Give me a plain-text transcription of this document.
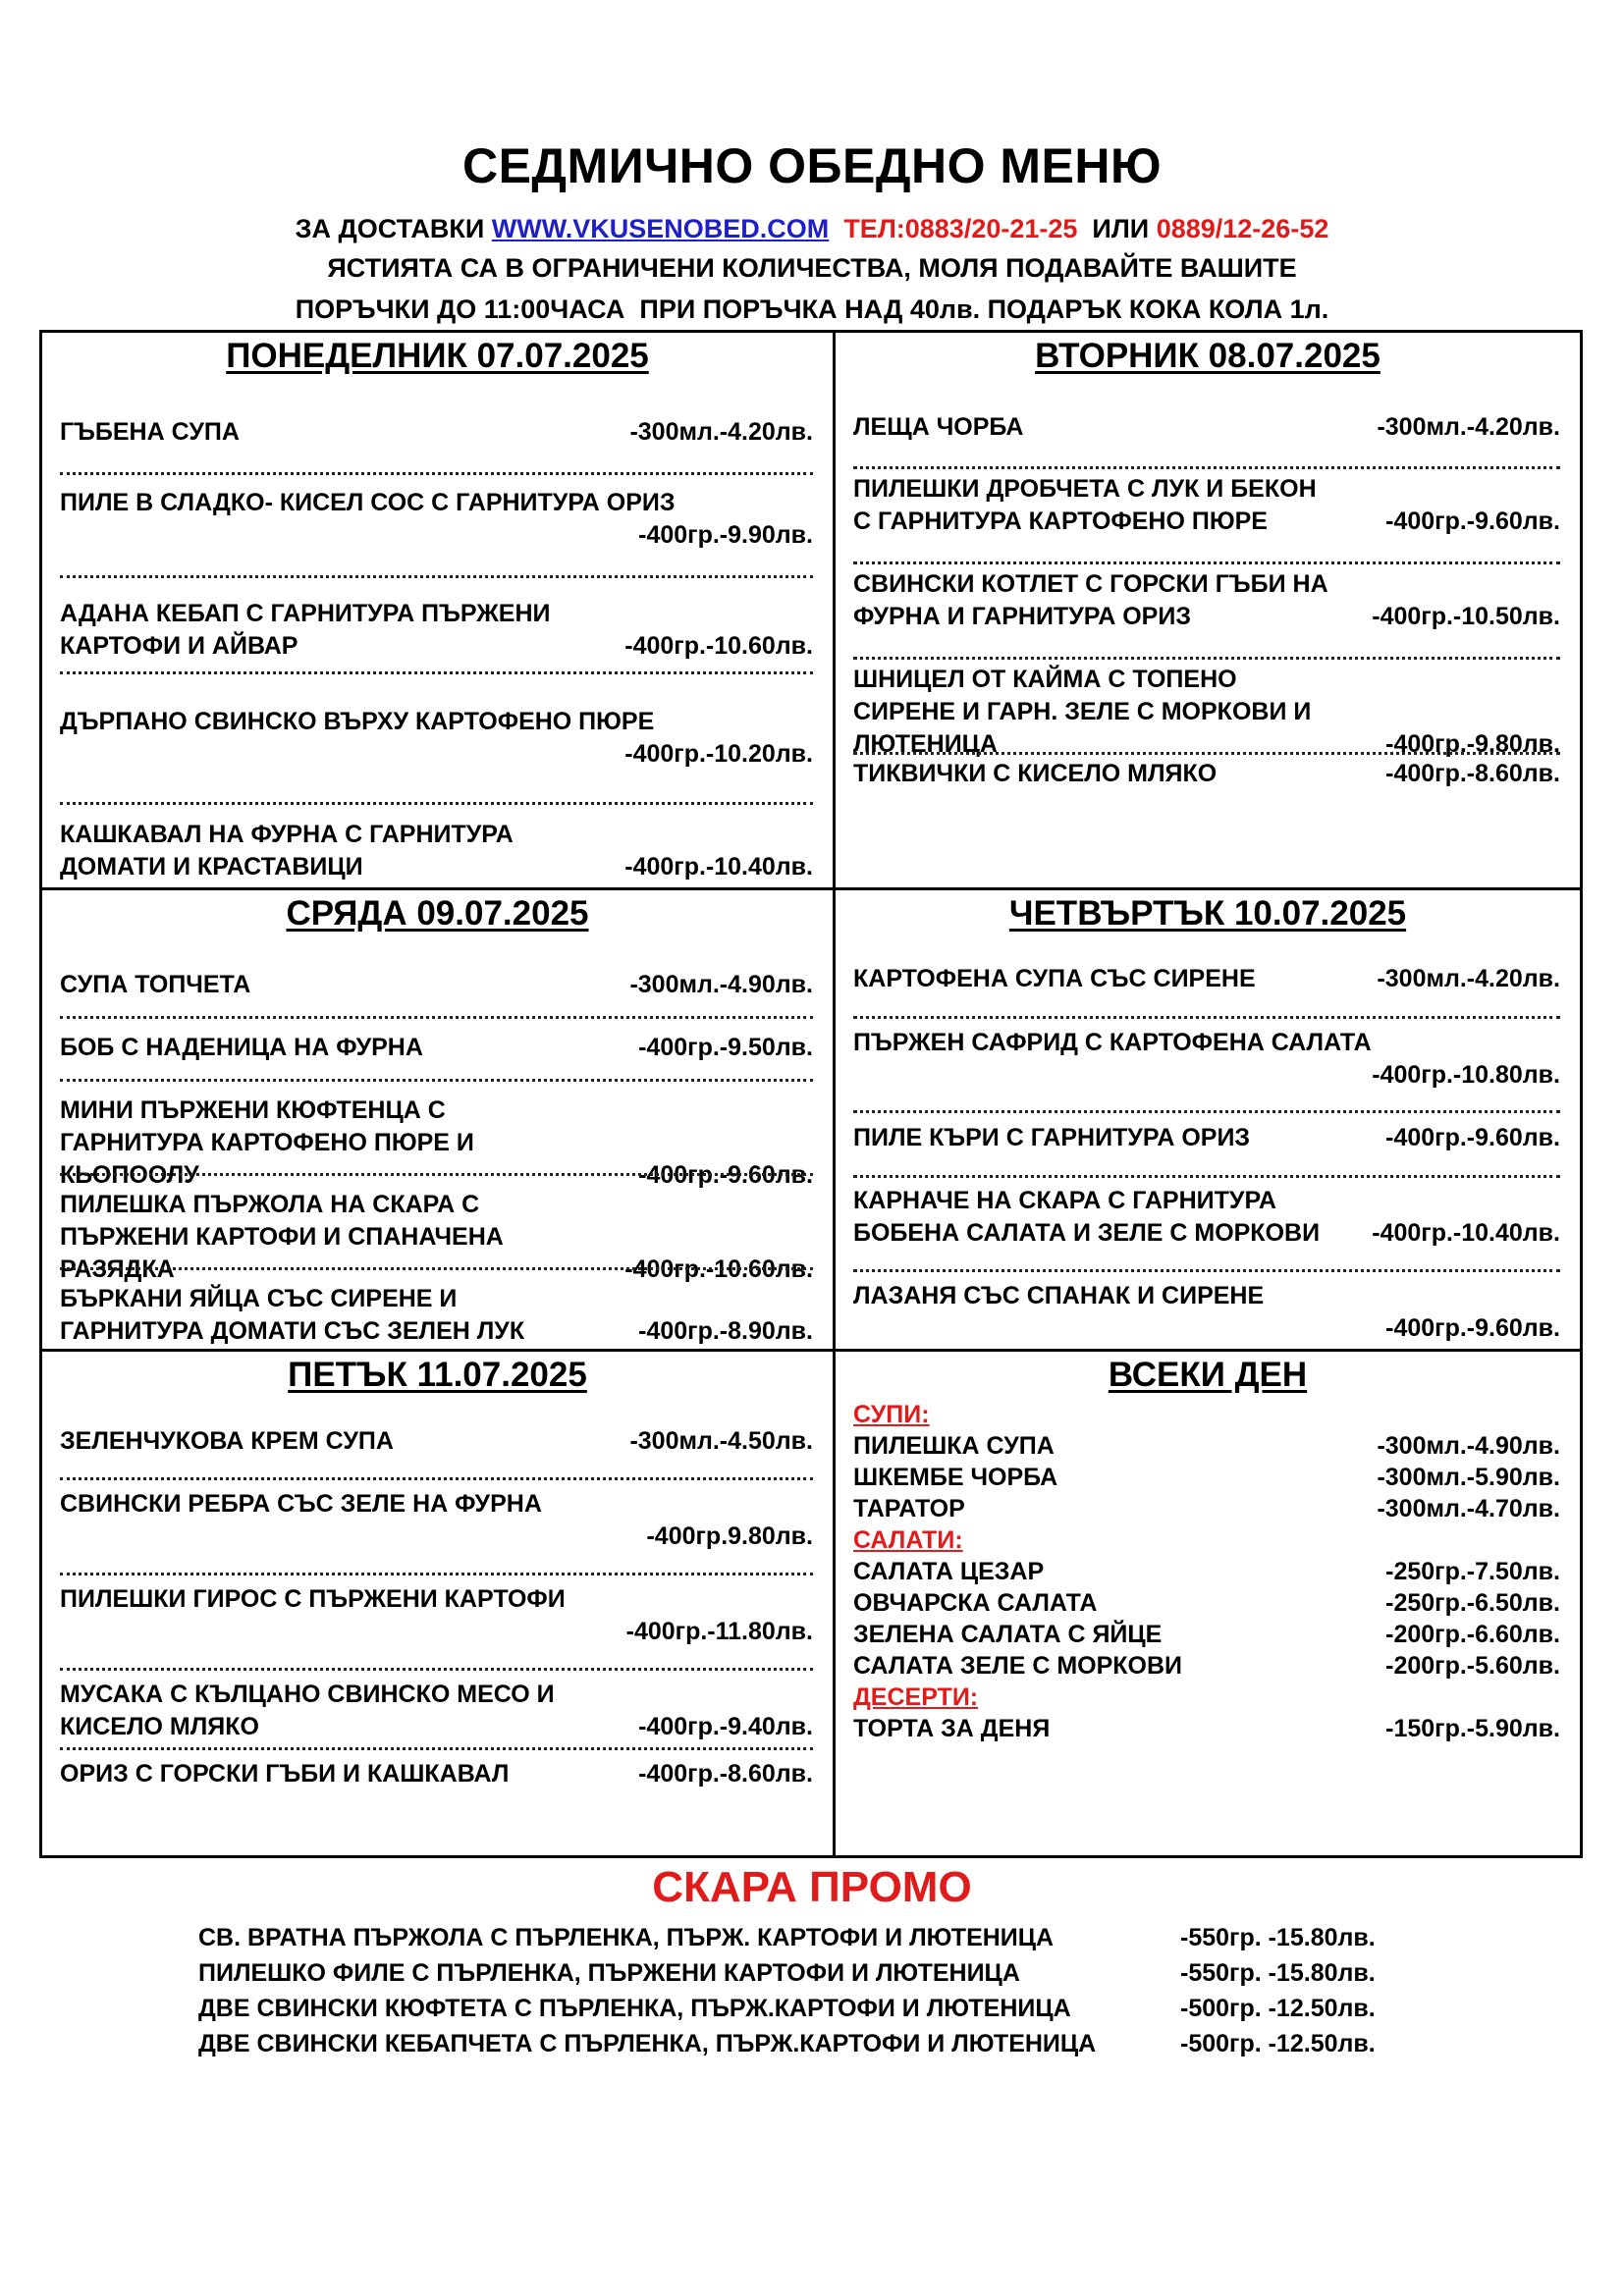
СЕДМИЧНО ОБЕДНО МЕНЮ
ЗА ДОСТАВКИ WWW.VKUSENOBED.COM ТЕЛ:0883/20-21-25 ИЛИ 0889/12-26-52
ЯСТИЯТА СА В ОГРАНИЧЕНИ КОЛИЧЕСТВА, МОЛЯ ПОДАВАЙТЕ ВАШИТЕ
ПОРЪЧКИ ДО 11:00ЧАСА  ПРИ ПОРЪЧКА НАД 40лв. ПОДАРЪК КОКА КОЛА 1л.
ПОНЕДЕЛНИК 07.07.2025
ГЪБЕНА СУПА	-300мл.-4.20лв.
ПИЛЕ В СЛАДКО- КИСЕЛ СОС С ГАРНИТУРА ОРИЗ

-400гр.-9.90лв.
АДАНА КЕБАП С ГАРНИТУРА ПЪРЖЕНИ КАРТОФИ И АЙВАР	-400гр.-10.60лв.
ДЪРПАНО СВИНСКО ВЪРХУ КАРТОФЕНО ПЮРЕ

-400гр.-10.20лв.
КАШКАВАЛ НА ФУРНА С ГАРНИТУРА ДОМАТИ И КРАСТАВИЦИ	-400гр.-10.40лв.
ВТОРНИК 08.07.2025
ЛЕЩА ЧОРБА	-300мл.-4.20лв.
ПИЛЕШКИ ДРОБЧЕТА С ЛУК И БЕКОН С ГАРНИТУРА КАРТОФЕНО ПЮРЕ	-400гр.-9.60лв.
СВИНСКИ КОТЛЕТ С ГОРСКИ ГЪБИ НА ФУРНА И ГАРНИТУРА ОРИЗ	-400гр.-10.50лв.
ШНИЦЕЛ ОТ КАЙМА С ТОПЕНО СИРЕНЕ И ГАРН. ЗЕЛЕ С МОРКОВИ И ЛЮТЕНИЦА	-400гр.-9.80лв.
ТИКВИЧКИ С КИСЕЛО МЛЯКО	-400гр.-8.60лв.
СРЯДА 09.07.2025
СУПА ТОПЧЕТА	-300мл.-4.90лв.
БОБ С НАДЕНИЦА НА ФУРНА	-400гр.-9.50лв.
МИНИ ПЪРЖЕНИ КЮФТЕНЦА С ГАРНИТУРА КАРТОФЕНО ПЮРЕ И КЬОПООЛУ	-400гр.-9.60лв.
ПИЛЕШКА ПЪРЖОЛА НА СКАРА С ПЪРЖЕНИ КАРТОФИ И СПАНАЧЕНА РАЗЯДКА	-400гр.-10.60лв.
БЪРКАНИ ЯЙЦА СЪС СИРЕНЕ И ГАРНИТУРА ДОМАТИ СЪС ЗЕЛЕН ЛУК	-400гр.-8.90лв.
ЧЕТВЪРТЪК 10.07.2025
КАРТОФЕНА СУПА СЪС СИРЕНЕ	-300мл.-4.20лв.
ПЪРЖЕН САФРИД С КАРТОФЕНА САЛАТА

-400гр.-10.80лв.
ПИЛЕ КЪРИ С ГАРНИТУРА ОРИЗ	-400гр.-9.60лв.
КАРНАЧЕ НА СКАРА С ГАРНИТУРА БОБЕНА САЛАТА И ЗЕЛЕ С МОРКОВИ	-400гр.-10.40лв.
ЛАЗАНЯ СЪС СПАНАК И СИРЕНЕ

-400гр.-9.60лв.
ПЕТЪК 11.07.2025
ЗЕЛЕНЧУКОВА КРЕМ СУПА	-300мл.-4.50лв.
СВИНСКИ РЕБРА СЪС ЗЕЛЕ НА ФУРНА

-400гр.9.80лв.
ПИЛЕШКИ ГИРОС С ПЪРЖЕНИ КАРТОФИ

-400гр.-11.80лв.
МУСАКА С КЪЛЦАНО СВИНСКО МЕСО И КИСЕЛО МЛЯКО	-400гр.-9.40лв.
ОРИЗ С ГОРСКИ ГЪБИ И КАШКАВАЛ	-400гр.-8.60лв.
ВСЕКИ ДЕН
СУПИ:
ПИЛЕШКА СУПА	-300мл.-4.90лв.
ШКЕМБЕ ЧОРБА	-300мл.-5.90лв.
ТАРАТОР	-300мл.-4.70лв.
САЛАТИ:
САЛАТА ЦЕЗАР	-250гр.-7.50лв.
ОВЧАРСКА САЛАТА	-250гр.-6.50лв.
ЗЕЛЕНА САЛАТА С ЯЙЦЕ	-200гр.-6.60лв.
САЛАТА ЗЕЛЕ С МОРКОВИ	-200гр.-5.60лв.
ДЕСЕРТИ:
ТОРТА ЗА ДЕНЯ	-150гр.-5.90лв.
СКАРА ПРОМО
СВ. ВРАТНА ПЪРЖОЛА С ПЪРЛЕНКА, ПЪРЖ. КАРТОФИ И ЛЮТЕНИЦА	-550гр. -15.80лв.
ПИЛЕШКО ФИЛЕ С ПЪРЛЕНКА, ПЪРЖЕНИ КАРТОФИ И ЛЮТЕНИЦА	-550гр. -15.80лв.
ДВЕ СВИНСКИ КЮФТЕТА С ПЪРЛЕНКА, ПЪРЖ.КАРТОФИ И ЛЮТЕНИЦА	-500гр. -12.50лв.
ДВЕ СВИНСКИ КЕБАПЧЕТА С ПЪРЛЕНКА, ПЪРЖ.КАРТОФИ И ЛЮТЕНИЦА	-500гр. -12.50лв.
